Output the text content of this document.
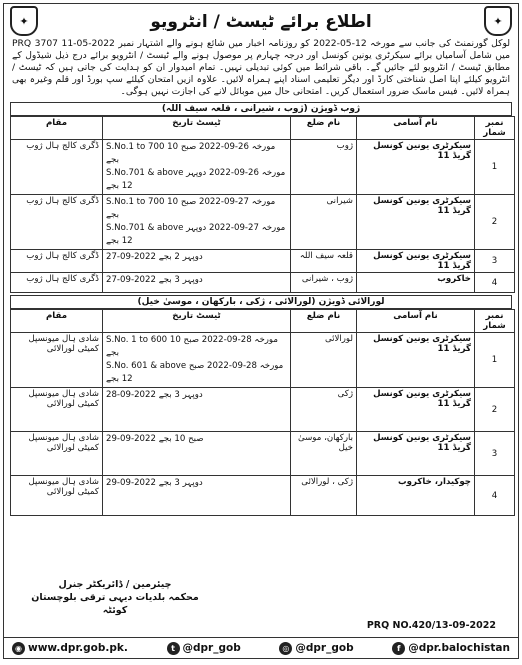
✦	اطلاع برائے ٹیسٹ / انٹرویو	✦
لوکل گورنمنٹ کی جانب سے مورخہ 12-05-2022 کو روزنامہ اخبار میں شائع ہونے والے اشتہار نمبر PRQ 3707 11-05-2022 میں شامل آسامیاں برائے سیکرٹری یونین کونسل اور درجہ چہارم پر موصول ہونے والے ٹیسٹ / انٹرویو برائے درج ذیل شیڈول کے مطابق ٹیسٹ / انٹرویو لئے جائیں گے۔ باقی شرائط میں کوئی تبدیلی نہیں۔ تمام امیدوار ان کو ہدایت کی جاتی ہیں کہ ٹیسٹ / انٹرویو کیلئے اپنا اصل شناختی کارڈ اور دیگر تعلیمی اسناد اپنے ہمراہ لائیں۔ علاوہ ازیں امتحان کیلئے سپ بورڈ اور قلم وغیرہ بھی ہمراہ لائیں۔ فیس ماسک ضرور استعمال کریں۔ امتحانی حال میں موبائل لانے کی اجازت نہیں ہوگی۔
ژوب ڈویژن (ژوب ، شیرانی ، قلعہ سیف اللہ)
نمبر شمار	نام آسامی	نام ضلع	ٹیسٹ تاریخ	مقام
1	سیکرٹری یونین کونسل گریڈ 11	ژوب	S.No.1 to 700 مورخہ 26-09-2022 صبح 10 بجے
S.No.701 & above مورخہ 26-09-2022 دوپہر 12 بجے	ڈگری کالج ہال ژوب
2	سیکرٹری یونین کونسل گریڈ 11	شیرانی	S.No.1 to 700 مورخہ 27-09-2022 صبح 10 بجے
S.No.701 & above مورخہ 27-09-2022 دوپہر 12 بجے	ڈگری کالج ہال ژوب
3	سیکرٹری یونین کونسل گریڈ 11	قلعہ سیف اللہ	27-09-2022 دوپہر 2 بجے	ڈگری کالج ہال ژوب
4	خاکروب	ژوب ، شیرانی	27-09-2022 دوپہر 3 بجے	ڈگری کالج ہال ژوب
لورالائی ڈویژن (لورالائی ، ژکی ، بارکھان ، موسیٰ خیل)
نمبر شمار	نام آسامی	نام ضلع	ٹیسٹ تاریخ	مقام
1	سیکرٹری یونین کونسل گریڈ 11	لورالائی	S.No. 1 to 600 مورخہ 28-09-2022 صبح 10 بجے
S.No. 601 & above مورخہ 28-09-2022 صبح 12 بجے	شادی ہال میونسپل کمیٹی لورالائی
2	سیکرٹری یونین کونسل گریڈ 11	ژکی	28-09-2022 دوپہر 3 بجے	شادی ہال میونسپل کمیٹی لورالائی
3	سیکرٹری یونین کونسل گریڈ 11	بارکھان، موسیٰ خیل	29-09-2022 صبح 10 بجے	شادی ہال میونسپل کمیٹی لورالائی
4	چوکیدار، خاکروب	ژکی ، لورالائی	29-09-2022 دوپہر 3 بجے	شادی ہال میونسپل کمیٹی لورالائی
چیئرمین / ڈائریکٹر جنرل
محکمہ بلدیات دیہی ترقی بلوچستان کوئٹہ
PRQ NO.420/13-09-2022
◉ www.dpr.gob.pk.	t @dpr_gob	◎ @dpr_gob	f @dpr.balochistan
